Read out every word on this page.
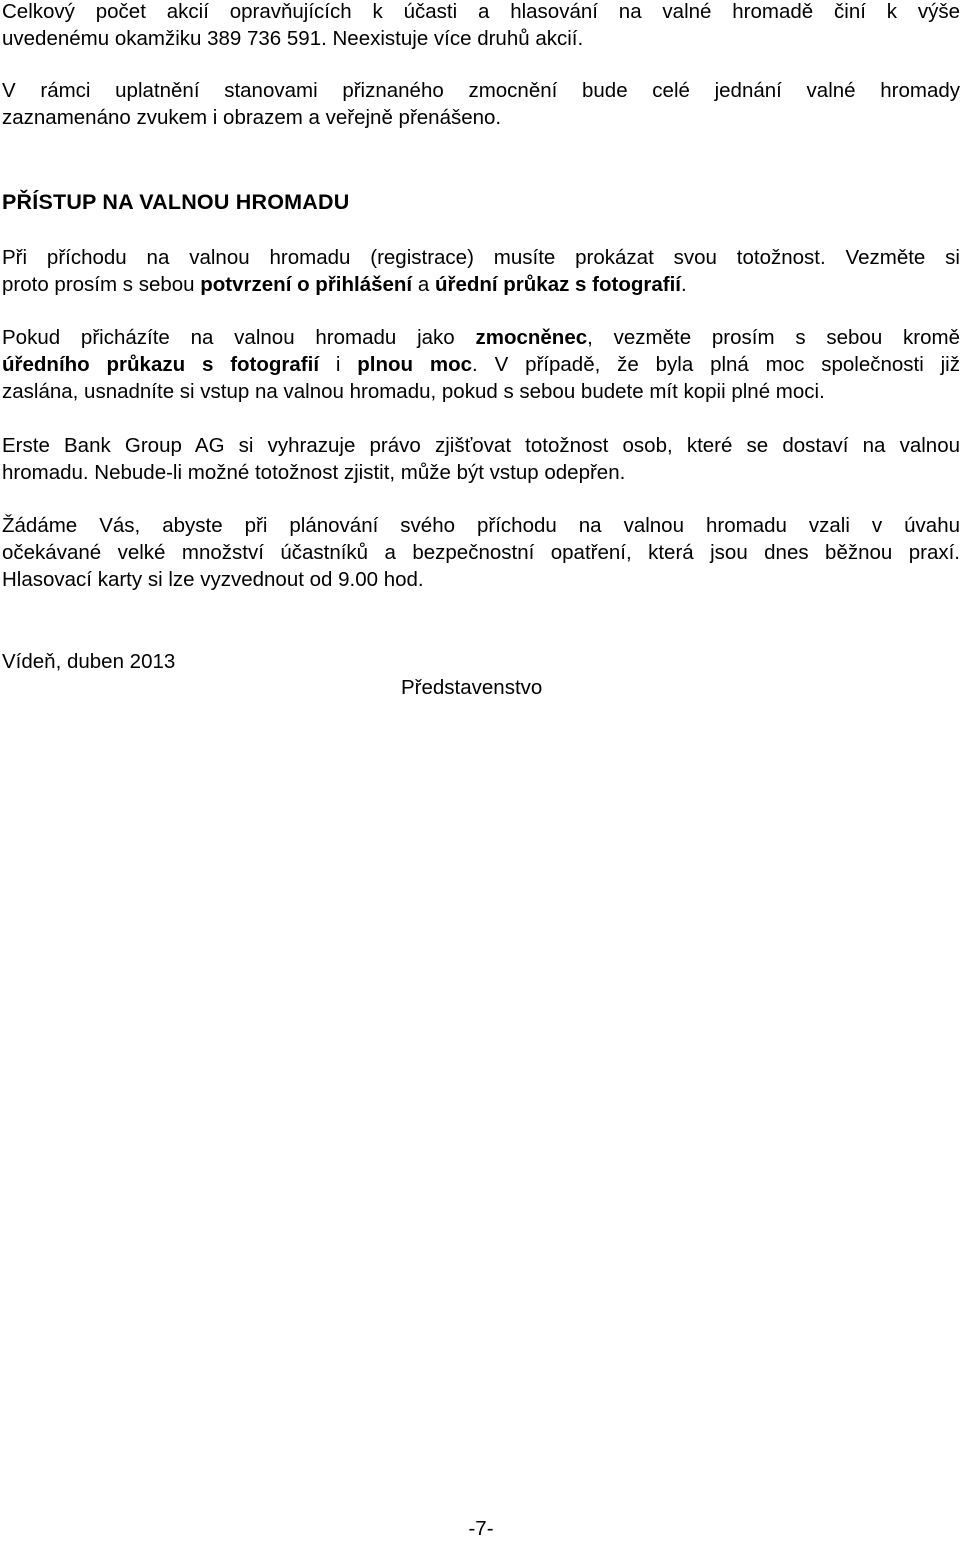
Celkový počet akcií opravňujících k účasti a hlasování na valné hromadě činí k výše
uvedenému okamžiku 389 736 591. Neexistuje více druhů akcií.
V rámci uplatnění stanovami přiznaného zmocnění bude celé jednání valné hromady
zaznamenáno zvukem i obrazem a veřejně přenášeno.
PŘÍSTUP NA VALNOU HROMADU
Při příchodu na valnou hromadu (registrace) musíte prokázat svou totožnost. Vezměte si
proto prosím s sebou potvrzení o přihlášení a úřední průkaz s fotografií.
Pokud přicházíte na valnou hromadu jako zmocněnec, vezměte prosím s sebou kromě
úředního průkazu s fotografií i plnou moc. V případě, že byla plná moc společnosti již
zaslána, usnadníte si vstup na valnou hromadu, pokud s sebou budete mít kopii plné moci.
Erste Bank Group AG si vyhrazuje právo zjišťovat totožnost osob, které se dostaví na valnou
hromadu. Nebude-li možné totožnost zjistit, může být vstup odepřen.
Žádáme Vás, abyste při plánování svého příchodu na valnou hromadu vzali v úvahu
očekávané velké množství účastníků a bezpečnostní opatření, která jsou dnes běžnou praxí.
Hlasovací karty si lze vyzvednout od 9.00 hod.
Vídeň, duben 2013
Představenstvo
-7-
